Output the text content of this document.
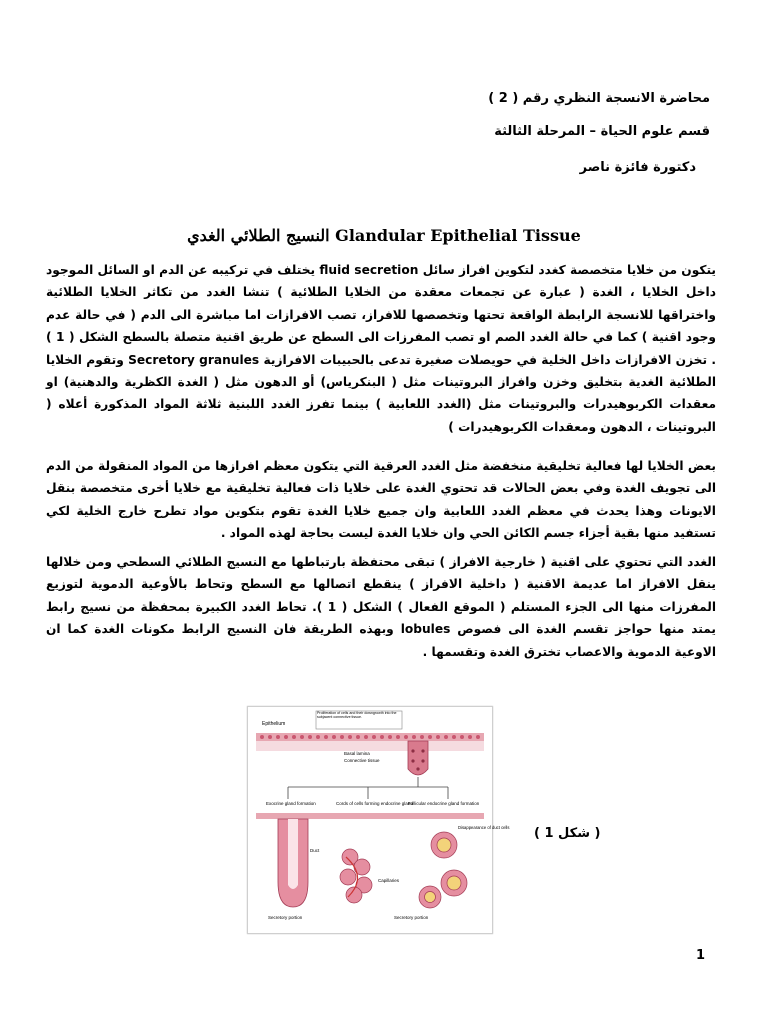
محاضرة الانسجة النظري رقم ( 2 )
قسم علوم الحياة – المرحلة الثالثة
دكتورة فائزة ناصر
النسيج الطلائي الغدي Glandular Epithelial Tissue
يتكون من خلايا متخصصة كغدد لتكوين افراز سائل fluid secretion يختلف في تركيبه عن الدم او السائل الموجود داخل الخلايا ، الغدة ( عبارة عن تجمعات معقدة من الخلايا الطلائية ) تنشا الغدد من تكاثر الخلايا الطلائية واختراقها للانسجة الرابطة الواقعة تحتها وتخصصها للافراز، تصب الافرازات اما مباشرة الى الدم ( في حالة عدم وجود اقنية ) كما في حالة الغدد الصم او تصب المفرزات الى السطح عن طريق اقنية متصلة بالسطح الشكل ( 1 ) . تخزن الافرازات داخل الخلية في حويصلات صغيرة تدعى بالحبيبات الافرازية Secretory granules وتقوم الخلايا الطلائية الغدية بتخليق وخزن وافراز البروتينات مثل ( البنكرياس) أو الدهون مثل ( الغدة الكظرية والدهنية) او معقدات الكربوهيدرات والبروتينات مثل (الغدد اللعابية ) بينما تفرز الغدد اللبنية ثلاثة المواد المذكورة أعلاه ( البروتينات ، الدهون ومعقدات الكربوهيدرات )
بعض الخلايا لها فعالية تخليقية منخفضة مثل الغدد العرقية التي يتكون معظم افرازها من المواد المنقولة من الدم الى تجويف الغدة وفي بعض الحالات قد تحتوي الغدة على خلايا ذات فعالية تخليقية مع خلايا أخرى متخصصة بنقل الايونات وهذا يحدث في معظم الغدد اللعابية وان جميع خلايا الغدة تقوم بتكوين مواد تطرح خارج الخلية لكي تستفيد منها بقية أجزاء جسم الكائن الحي وان خلايا الغدة ليست بحاجة لهذه المواد .
الغدد التي تحتوي على اقنية ( خارجية الافراز ) تبقى محتفظة بارتباطها مع النسيج الطلائي السطحي ومن خلالها ينقل الافراز اما عديمة الاقنية ( داخلية الافراز ) ينقطع اتصالها مع السطح وتحاط بالأوعية الدموية لتوزيع المفرزات منها الى الجزء المستلم ( الموقع الفعال ) الشكل ( 1 ). تحاط الغدد الكبيرة بمحفظة من نسيج رابط يمتد منها حواجز تقسم الغدة الى فصوص lobules وبهذه الطريقة فان النسيج الرابط مكونات الغدة كما ان الاوعية الدموية والاعصاب تخترق الغدة وتقسمها .
Proliferation of cells and their downgrowth into the subjacent connective tissue.
Epithelium
Basal lamina
Connective tissue
Exocrine gland formation	Cords of cells forming endocrine gland
Follicular endocrine gland formation
Duct
Secretory portion
Capillaries
Disappearance of duct cells
Secretory portion
( شكل 1 )
1
